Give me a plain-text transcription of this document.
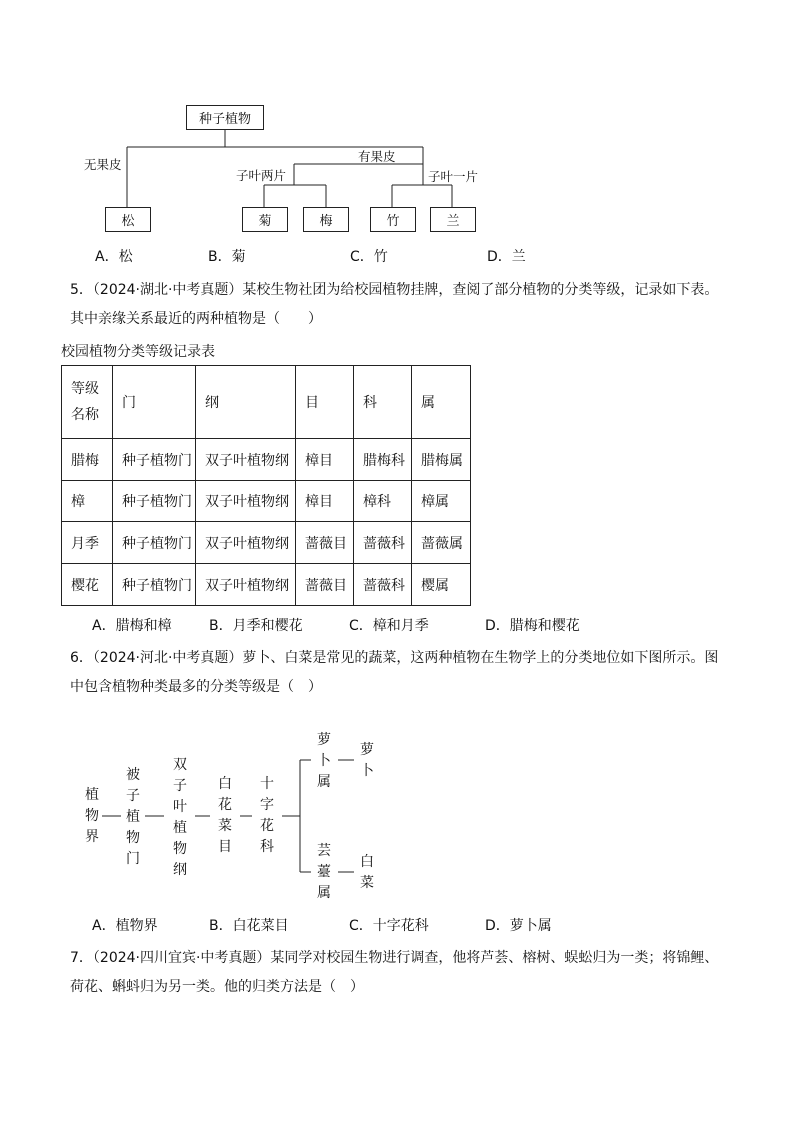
种子植物
无果皮
有果皮
子叶两片	子叶一片
松	菊	梅	竹	兰
A．松	B．菊	C．竹	D．兰
5．（2024·湖北·中考真题）某校生物社团为给校园植物挂牌，查阅了部分植物的分类等级，记录如下表。其中亲缘关系最近的两种植物是（　　）
校园植物分类等级记录表
等级
名称	门	纲	目	科	属
腊梅	种子植物门	双子叶植物纲	樟目	腊梅科	腊梅属
樟	种子植物门	双子叶植物纲	樟目	樟科	樟属
月季	种子植物门	双子叶植物纲	蔷薇目	蔷薇科	蔷薇属
樱花	种子植物门	双子叶植物纲	蔷薇目	蔷薇科	樱属
A．腊梅和樟	B．月季和樱花	C．樟和月季	D．腊梅和樱花
6．（2024·河北·中考真题）萝卜、白菜是常见的蔬菜，这两种植物在生物学上的分类地位如下图所示。图中包含植物种类最多的分类等级是（　）
植物界
被子植物门
双子叶植物纲
白花菜目
十字花科
萝卜属
萝卜
芸薹属
白菜
A．植物界	B．白花菜目	C．十字花科	D．萝卜属
7．（2024·四川宜宾·中考真题）某同学对校园生物进行调查，他将芦荟、榕树、蜈蚣归为一类；将锦鲤、荷花、蝌蚪归为另一类。他的归类方法是（　）
